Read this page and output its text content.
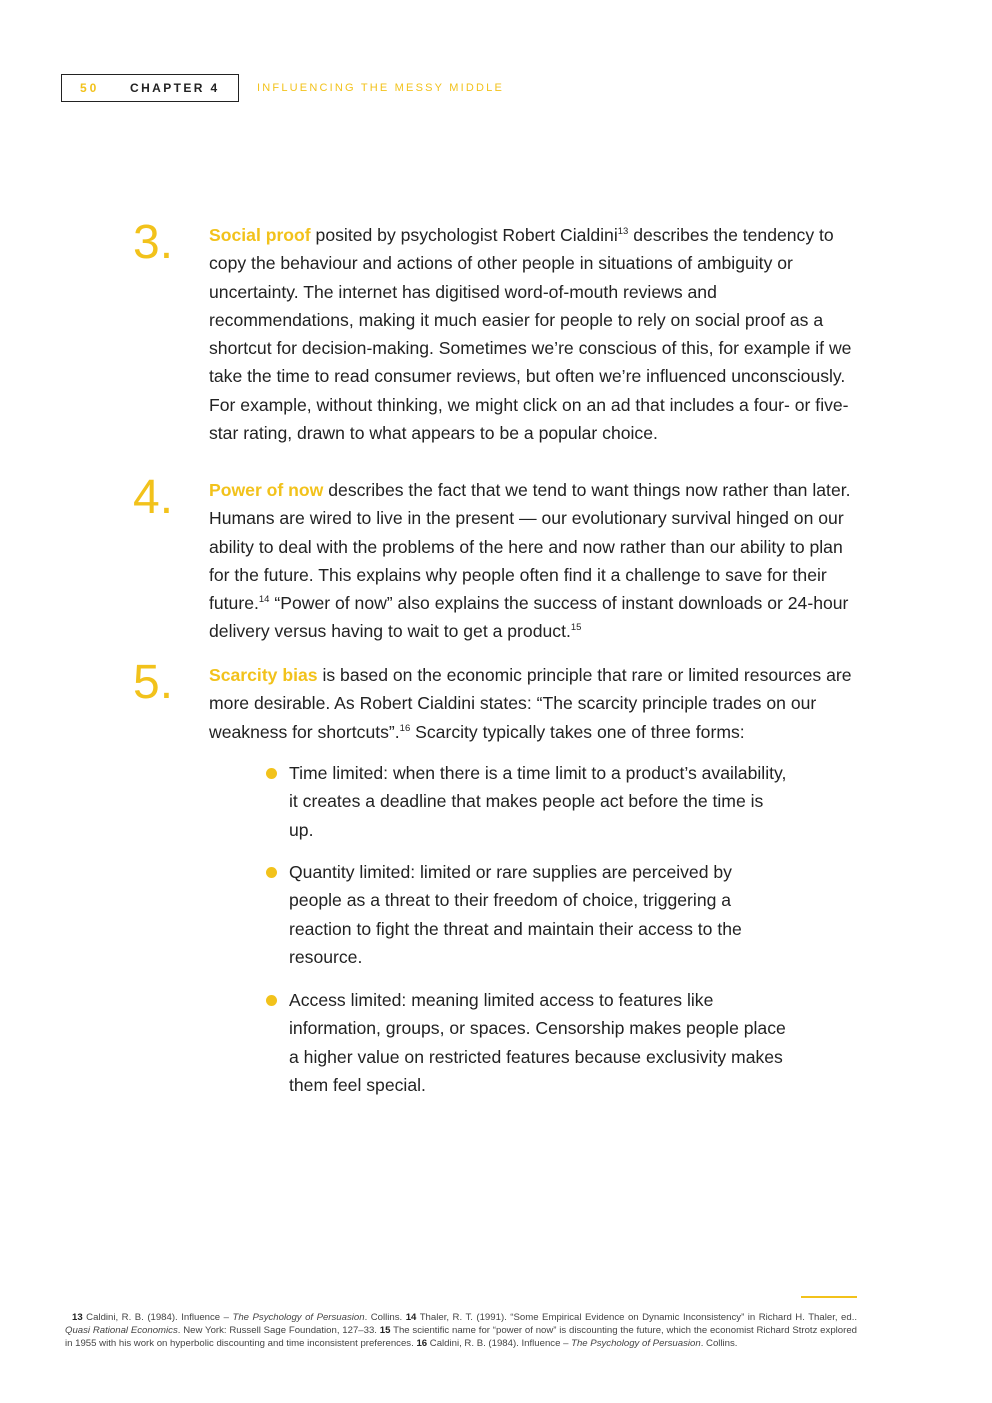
50	CHAPTER 4	INFLUENCING THE MESSY MIDDLE
3. Social proof posited by psychologist Robert Cialdini$^{13}$ describes the tendency to copy the behaviour and actions of other people in situations of ambiguity or uncertainty. The internet has digitised word-of-mouth reviews and recommendations, making it much easier for people to rely on social proof as a shortcut for decision-making. Sometimes we’re conscious of this, for example if we take the time to read consumer reviews, but often we’re influenced unconsciously. For example, without thinking, we might click on an ad that includes a four- or five-star rating, drawn to what appears to be a popular choice.
4. Power of now describes the fact that we tend to want things now rather than later. Humans are wired to live in the present — our evolutionary survival hinged on our ability to deal with the problems of the here and now rather than our ability to plan for the future. This explains why people often find it a challenge to save for their future.$^{14}$ “Power of now” also explains the success of instant downloads or 24-hour delivery versus having to wait to get a product.$^{15}$
5. Scarcity bias is based on the economic principle that rare or limited resources are more desirable. As Robert Cialdini states: “The scarcity principle trades on our weakness for shortcuts”.$^{16}$ Scarcity typically takes one of three forms:
Time limited: when there is a time limit to a product’s availability, it creates a deadline that makes people act before the time is up.
Quantity limited: limited or rare supplies are perceived by people as a threat to their freedom of choice, triggering a reaction to fight the threat and maintain their access to the resource.
Access limited: meaning limited access to features like information, groups, or spaces. Censorship makes people place a higher value on restricted features because exclusivity makes them feel special.
13 Caldini, R. B. (1984). Influence – The Psychology of Persuasion. Collins. 14 Thaler, R. T. (1991). “Some Empirical Evidence on Dynamic Inconsistency” in Richard H. Thaler, ed.. Quasi Rational Economics. New York: Russell Sage Foundation, 127–33. 15 The scientific name for “power of now” is discounting the future, which the economist Richard Strotz explored in 1955 with his work on hyperbolic discounting and time inconsistent preferences. 16 Caldini, R. B. (1984). Influence – The Psychology of Persuasion. Collins.
